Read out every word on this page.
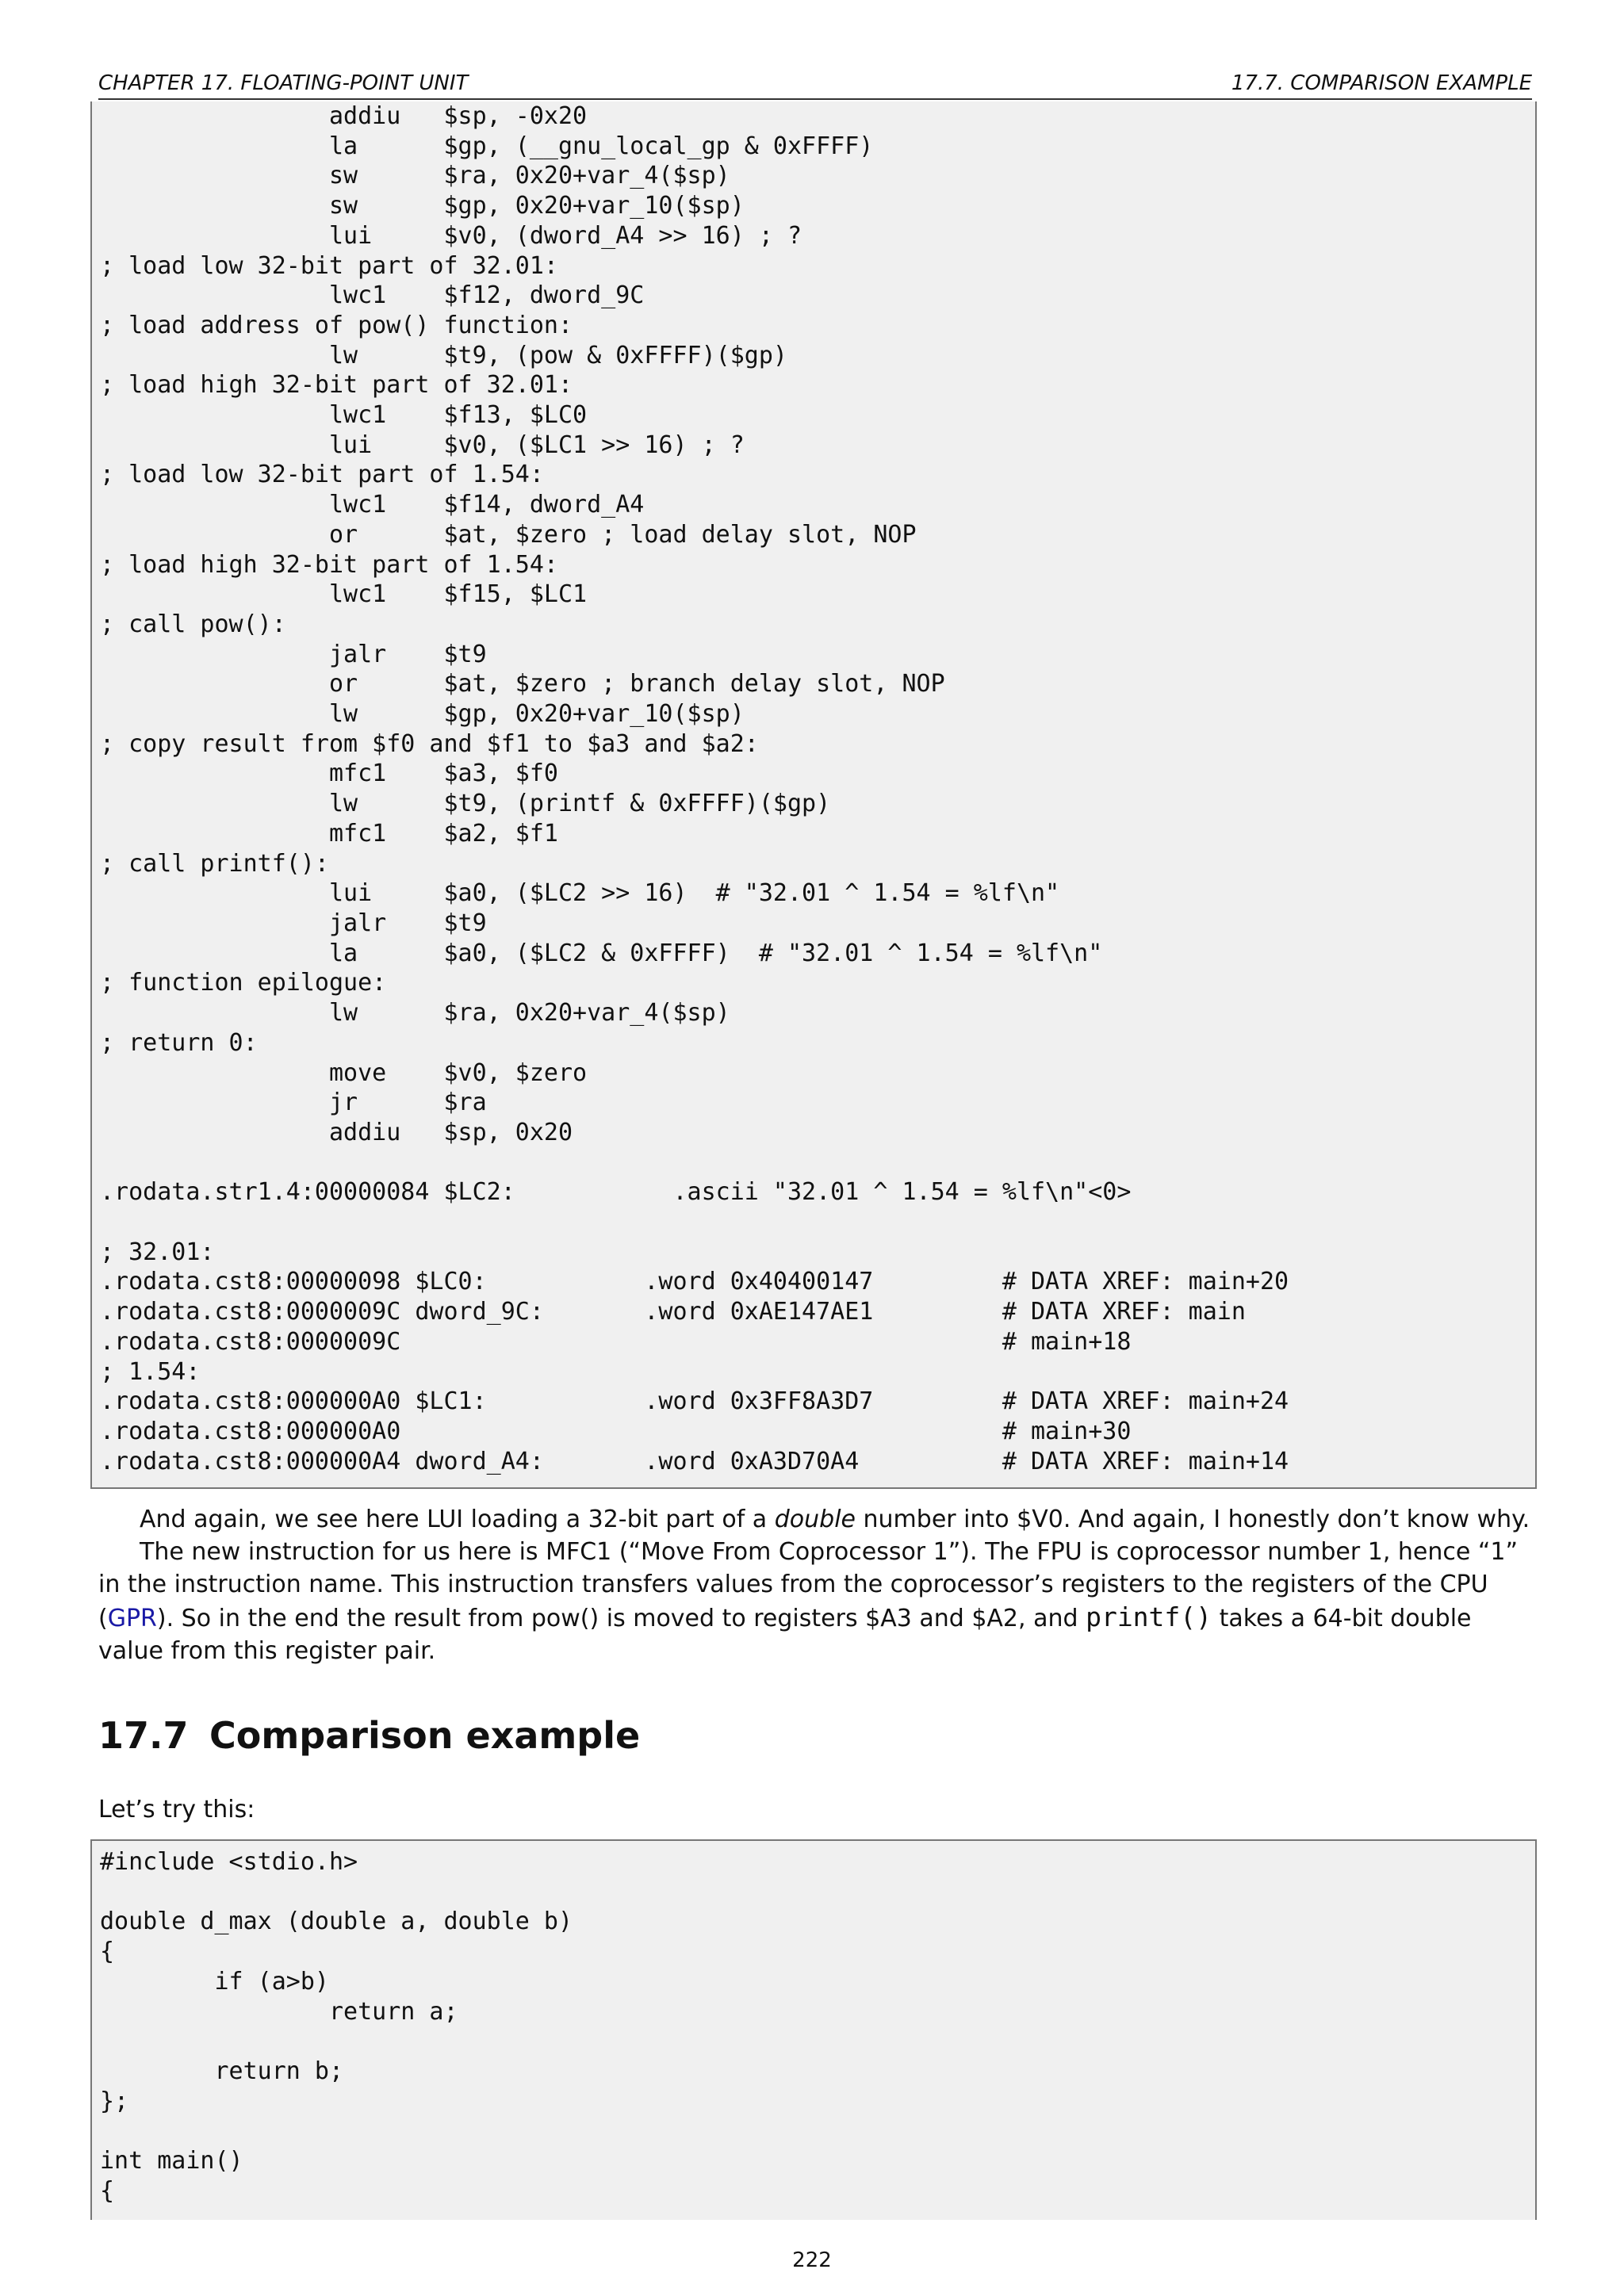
CHAPTER 17. FLOATING-POINT UNIT	17.7. COMPARISON EXAMPLE
addiu   $sp, -0x20
la      $gp, (__gnu_local_gp & 0xFFFF)
sw      $ra, 0x20+var_4($sp)
sw      $gp, 0x20+var_10($sp)
lui     $v0, (dword_A4 >> 16) ; ?
; load low 32-bit part of 32.01:
lwc1    $f12, dword_9C
; load address of pow() function:
lw      $t9, (pow & 0xFFFF)($gp)
; load high 32-bit part of 32.01:
lwc1    $f13, $LC0
lui     $v0, ($LC1 >> 16) ; ?
; load low 32-bit part of 1.54:
lwc1    $f14, dword_A4
or      $at, $zero ; load delay slot, NOP
; load high 32-bit part of 1.54:
lwc1    $f15, $LC1
; call pow():
jalr    $t9
or      $at, $zero ; branch delay slot, NOP
lw      $gp, 0x20+var_10($sp)
; copy result from $f0 and $f1 to $a3 and $a2:
mfc1    $a3, $f0
lw      $t9, (printf & 0xFFFF)($gp)
mfc1    $a2, $f1
; call printf():
lui     $a0, ($LC2 >> 16)  # "32.01 ^ 1.54 = %lf\n"
jalr    $t9
la      $a0, ($LC2 & 0xFFFF)  # "32.01 ^ 1.54 = %lf\n"
; function epilogue:
lw      $ra, 0x20+var_4($sp)
; return 0:
move    $v0, $zero
jr      $ra
addiu   $sp, 0x20

.rodata.str1.4:00000084 $LC2:           .ascii "32.01 ^ 1.54 = %lf\n"<0>

; 32.01:
.rodata.cst8:00000098 $LC0:           .word 0x40400147         # DATA XREF: main+20
.rodata.cst8:0000009C dword_9C:       .word 0xAE147AE1         # DATA XREF: main
.rodata.cst8:0000009C                                          # main+18
; 1.54:
.rodata.cst8:000000A0 $LC1:           .word 0x3FF8A3D7         # DATA XREF: main+24
.rodata.cst8:000000A0                                          # main+30
.rodata.cst8:000000A4 dword_A4:       .word 0xA3D70A4          # DATA XREF: main+14

And again, we see here LUI loading a 32-bit part of a double number into $V0. And again, I honestly don’t know why.

The new instruction for us here is MFC1 (“Move From Coprocessor 1”). The FPU is coprocessor number 1, hence “1” in the instruction name. This instruction transfers values from the coprocessor’s registers to the registers of the CPU (GPR). So in the end the result from pow() is moved to registers $A3 and $A2, and printf() takes a 64-bit double value from this register pair.

17.7 Comparison example

Let’s try this:

#include <stdio.h>

double d_max (double a, double b)
{
if (a>b)
return a;

return b;
};

int main()
{
222
